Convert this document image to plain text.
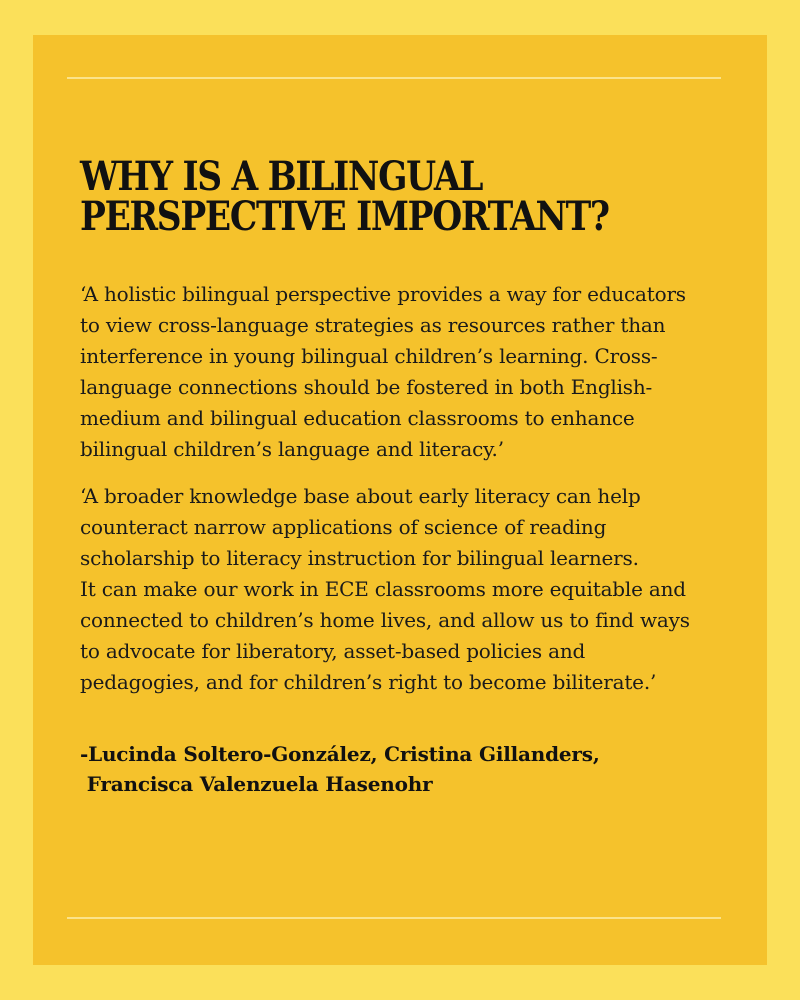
WHY IS A BILINGUAL
PERSPECTIVE IMPORTANT?

‘A holistic bilingual perspective provides a way for educators
to view cross-language strategies as resources rather than
interference in young bilingual children’s learning. Cross-
language connections should be fostered in both English-
medium and bilingual education classrooms to enhance
bilingual children’s language and literacy.’

‘A broader knowledge base about early literacy can help
counteract narrow applications of science of reading
scholarship to literacy instruction for bilingual learners.
It can make our work in ECE classrooms more equitable and
connected to children’s home lives, and allow us to find ways
to advocate for liberatory, asset-based policies and
pedagogies, and for children’s right to become biliterate.’

-Lucinda Soltero-González, Cristina Gillanders,
Francisca Valenzuela Hasenohr
